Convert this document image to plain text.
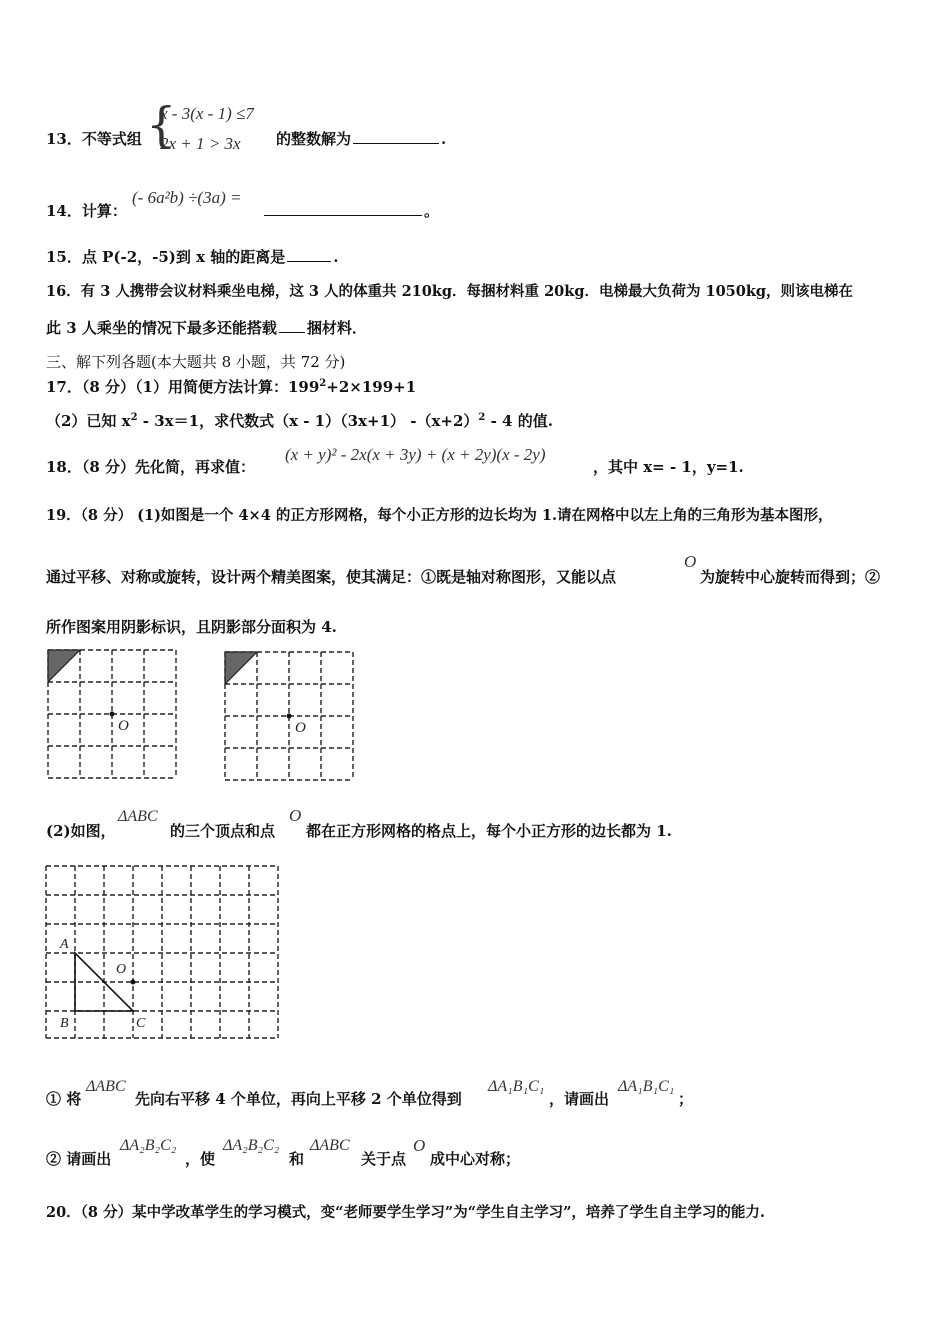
13．不等式组 {
x - 3(x - 1) ≤7
2x + 1 > 3x 的整数解为	.
14．计算：
(- 6a²b) ÷(3a) =
。
15．点 P(-2，-5)到 x 轴的距离是	.
16．有 3 人携带会议材料乘坐电梯，这 3 人的体重共 210kg．每捆材料重 20kg．电梯最大负荷为 1050kg，则该电梯在
此 3 人乘坐的情况下最多还能搭载 捆材料．
三、解下列各题(本大题共 8 小题，共 72 分)
17．（8 分）（1）用简便方法计算：$199^2+2\times 199+1$
（2）已知 $x^2 - 3x=1$，求代数式（x - 1）（3x+1） $-(x+2)^2 - 4$ 的值.
18．（8 分）先化简，再求值：
(x + y)² - 2x(x + 3y) + (x + 2y)(x - 2y)
，其中 x= - 1，y=1.
19．（8 分） (1)如图是一个 4×4 的正方形网格，每个小正方形的边长均为 1.请在网格中以左上角的三角形为基本图形，
通过平移、对称或旋转，设计两个精美图案，使其满足：①既是轴对称图形，又能以点
O
为旋转中心旋转而得到；②
所作图案用阴影标识，且阴影部分面积为 4.
O	O
(2)如图，
ΔABC
的三个顶点和点
O
都在正方形网格的格点上，每个小正方形的边长都为 1.
A
B	C
O
① 将
ΔABC
先向右平移 4 个单位，再向上平移 2 个单位得到
ΔA₁B₁C₁
，请画出
ΔA₁B₁C₁
；
② 请画出
ΔA₂B₂C₂
，使
ΔA₂B₂C₂
和
ΔABC
关于点
O
成中心对称；
20．（8 分）某中学改革学生的学习模式，变“老师要学生学习”为“学生自主学习”，培养了学生自主学习的能力.
